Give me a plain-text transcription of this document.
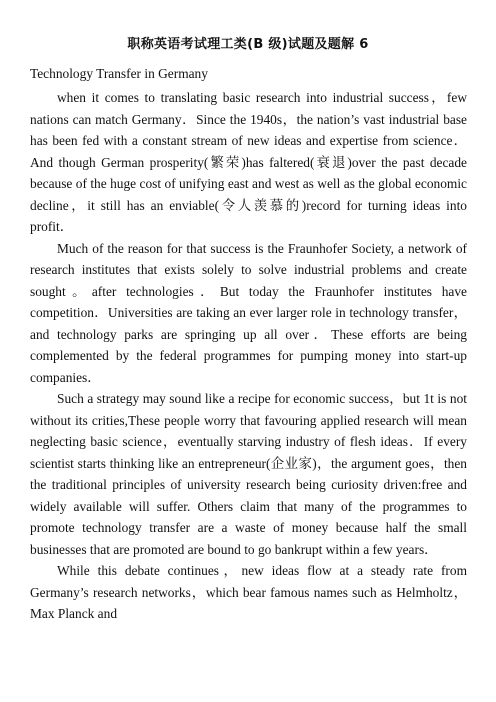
职称英语考试理工类(B 级)试题及题解 6
Technology Transfer in Germany

when it comes to translating basic research into industrial success，few nations can match Germany．Since the 1940s，the nation’s vast industrial base has been fed with a constant stream of new ideas and expertise from science．And though German prosperity(繁荣)has faltered(衰退)over the past decade because of the huge cost of unifying east and west as well as the global economic decline，it still has an enviable(令人羡慕的)record for turning ideas into profit．

Much of the reason for that success is the Fraunhofer Society, a network of research institutes that exists solely to solve industrial problems and create sought。after technologies．But today the Fraunhofer institutes have competition．Universities are taking an ever larger role in technology transfer，and technology parks are springing up all over．These efforts are being complemented by the federal programmes for pumping money into start-up companies．

Such a strategy may sound like a recipe for economic success，but 1t is not without its crities,These people worry that favouring applied research will mean neglecting basic science，eventually starving industry of flesh ideas．If every scientist starts thinking like an entrepreneur(企业家)，the argument goes，then the traditional principles of university research being curiosity driven:free and widely available will suffer. Others claim that many of the programmes to promote technology transfer are a waste of money because half the small businesses that are promoted are bound to go bankrupt within a few years．

While this debate continues，new ideas flow at a steady rate from Germany’s research networks，which bear famous names such as Helmholtz，Max Planck and
